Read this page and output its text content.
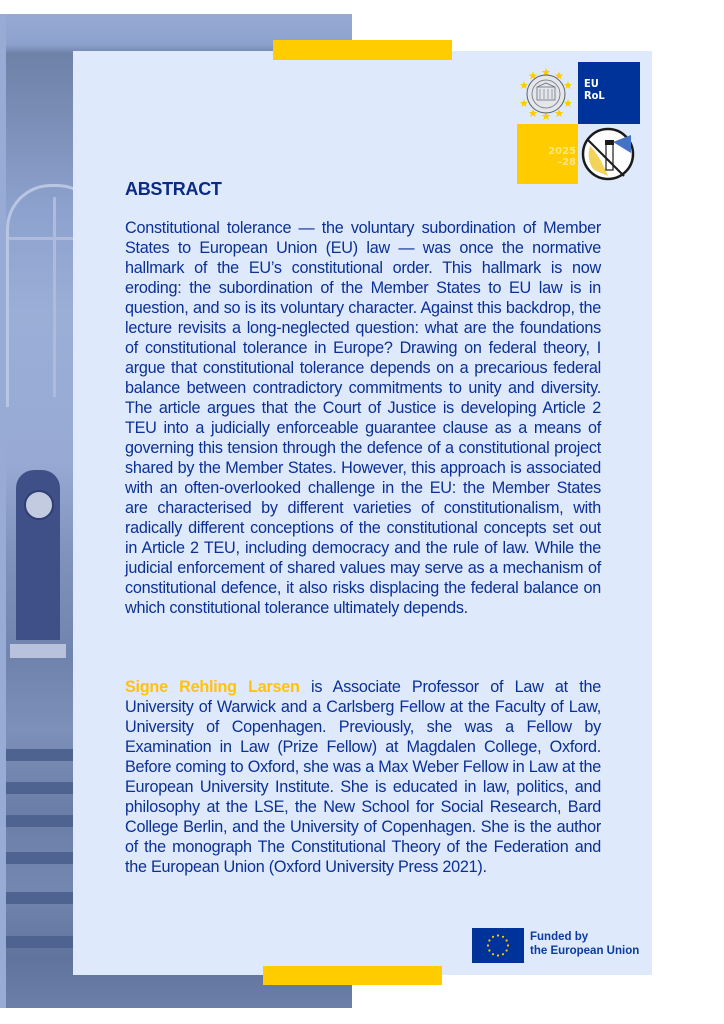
EU
RoL
2025
–28
ABSTRACT

Constitutional tolerance — the voluntary subordination of Member States to European Union (EU) law — was once the normative hallmark of the EU’s constitutional order. This hallmark is now eroding: the subordination of the Member States to EU law is in question, and so is its voluntary character. Against this backdrop, the lecture revisits a long-neglected question: what are the foundations of constitutional tolerance in Europe? Drawing on federal theory, I argue that constitutional tolerance depends on a precarious federal balance between contradictory commitments to unity and diversity. The article argues that the Court of Justice is developing Article 2 TEU into a judicially enforceable guarantee clause as a means of governing this tension through the defence of a constitutional project shared by the Member States. However, this approach is associated with an often-overlooked challenge in the EU: the Member States are characterised by different varieties of constitutionalism, with radically different conceptions of the constitutional concepts set out in Article 2 TEU, including democracy and the rule of law. While the judicial enforcement of shared values may serve as a mechanism of constitutional defence, it also risks displacing the federal balance on which constitutional tolerance ultimately depends.

Signe Rehling Larsen is Associate Professor of Law at the University of Warwick and a Carlsberg Fellow at the Faculty of Law, University of Copenhagen. Previously, she was a Fellow by Examination in Law (Prize Fellow) at Magdalen College, Oxford. Before coming to Oxford, she was a Max Weber Fellow in Law at the European University Institute. She is educated in law, politics, and philosophy at the LSE, the New School for Social Research, Bard College Berlin, and the University of Copenhagen. She is the author of the monograph The Constitutional Theory of the Federation and the European Union (Oxford University Press 2021).

Funded by
the European Union
